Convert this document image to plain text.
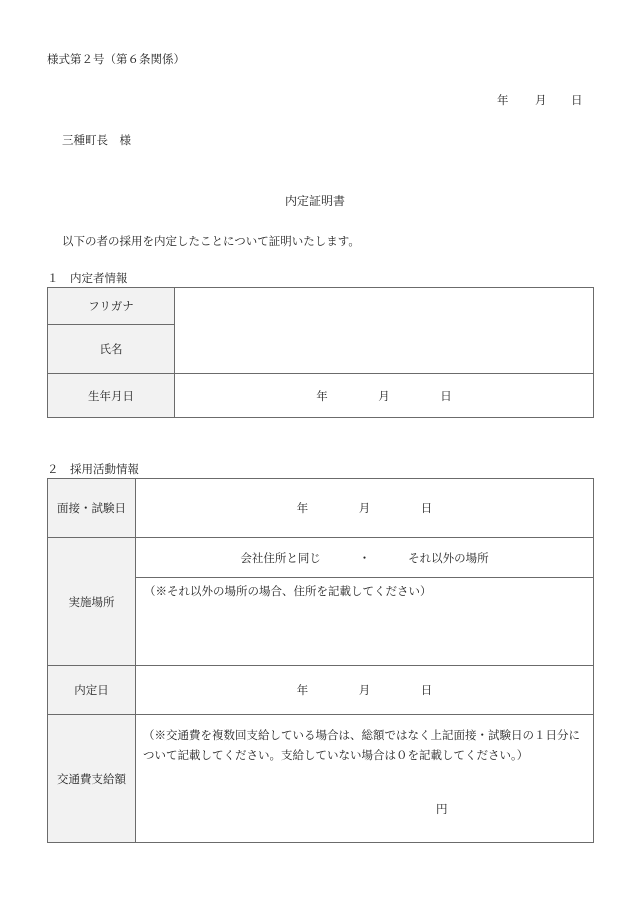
様式第２号（第６条関係）
年 月 日
三種町長　様
内定証明書
以下の者の採用を内定したことについて証明いたします。
１　内定者情報
フリガナ	
氏名	
生年月日	年 月 日
２　採用活動情報
面接・試験日	年 月 日

実施場所	会社住所と同じ ・ それ以外の場所
	（※それ以外の場所の場合、住所を記載してください）
内定日	年 月 日

交通費支給額	（※交通費を複数回支給している場合は、総額ではなく上記面接・試験日の１日分について記載してください。支給していない場合は０を記載してください。）
円
